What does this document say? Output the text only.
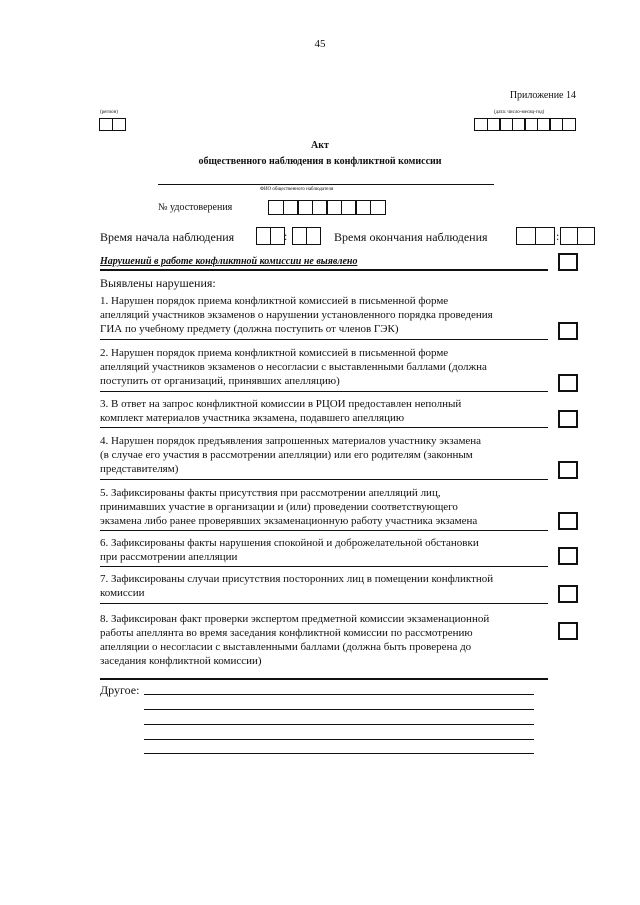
45
Приложение 14
(регион)	(дата: число-месяц-год)
Акт
общественного наблюдения в конфликтной комиссии
ФИО общественного наблюдателя
№ удостоверения
Время начала наблюдения	:	Время окончания наблюдения	:
Нарушений в работе конфликтной комиссии не выявлено
Выявлены нарушения:
1. Нарушен порядок приема конфликтной комиссией в письменной форме
апелляций участников экзаменов о нарушении установленного порядка проведения
ГИА по учебному предмету (должна поступить от членов ГЭК)
2. Нарушен порядок приема конфликтной комиссией в письменной форме
апелляций участников экзаменов о несогласии с выставленными баллами (должна
поступить от организаций, принявших апелляцию)
3. В ответ на запрос конфликтной комиссии в РЦОИ предоставлен неполный
комплект материалов участника экзамена, подавшего апелляцию
4. Нарушен порядок предъявления запрошенных материалов участнику экзамена
(в случае его участия в рассмотрении апелляции) или его родителям (законным
представителям)
5. Зафиксированы факты присутствия при рассмотрении апелляций лиц,
принимавших участие в организации и (или) проведении соответствующего
экзамена либо ранее проверявших экзаменационную работу участника экзамена
6. Зафиксированы факты нарушения спокойной и доброжелательной обстановки
при рассмотрении апелляции
7. Зафиксированы случаи присутствия посторонних лиц в помещении конфликтной
комиссии
8. Зафиксирован факт проверки экспертом предметной комиссии экзаменационной
работы апеллянта во время заседания конфликтной комиссии по рассмотрению
апелляции о несогласии с выставленными баллами (должна быть проверена до
заседания конфликтной комиссии)
Другое:
